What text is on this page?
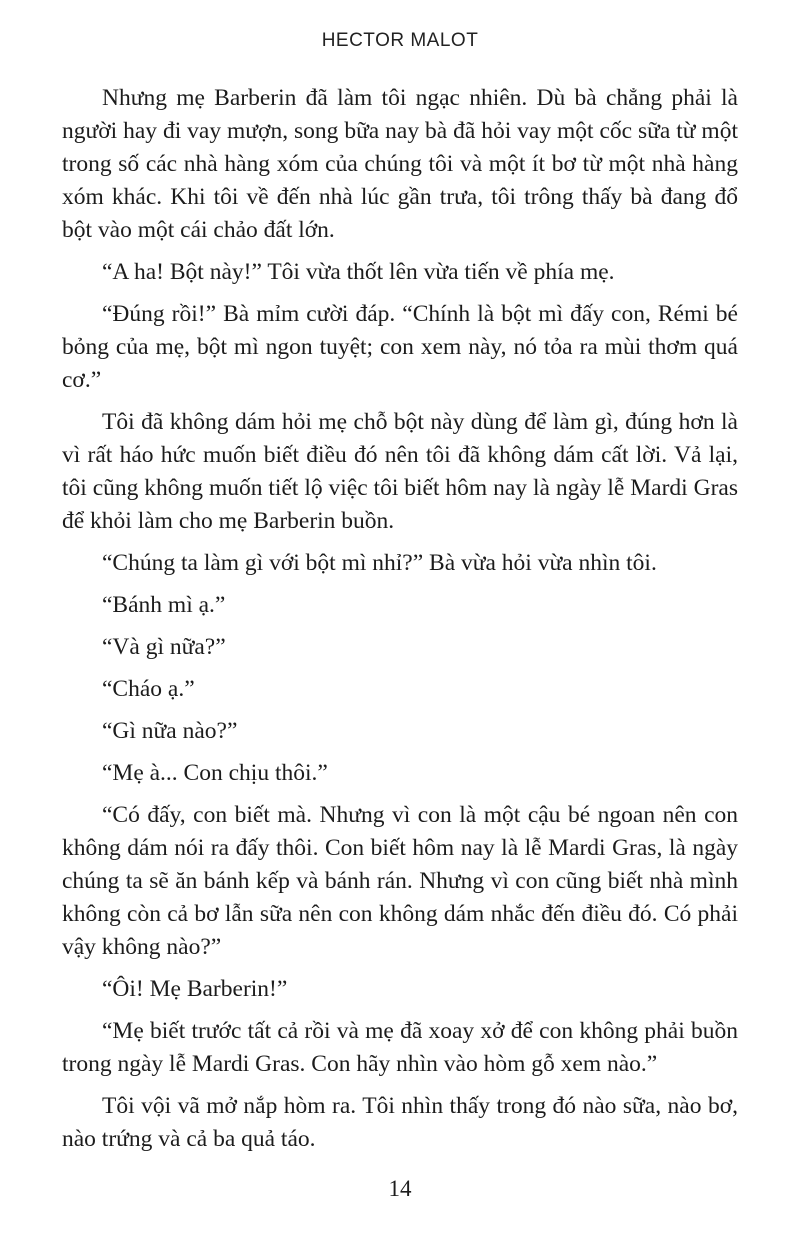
HECTOR MALOT

Nhưng mẹ Barberin đã làm tôi ngạc nhiên. Dù bà chẳng phải là người hay đi vay mượn, song bữa nay bà đã hỏi vay một cốc sữa từ một trong số các nhà hàng xóm của chúng tôi và một ít bơ từ một nhà hàng xóm khác. Khi tôi về đến nhà lúc gần trưa, tôi trông thấy bà đang đổ bột vào một cái chảo đất lớn.

“A ha! Bột này!” Tôi vừa thốt lên vừa tiến về phía mẹ.

“Đúng rồi!” Bà mỉm cười đáp. “Chính là bột mì đấy con, Rémi bé bỏng của mẹ, bột mì ngon tuyệt; con xem này, nó tỏa ra mùi thơm quá cơ.”

Tôi đã không dám hỏi mẹ chỗ bột này dùng để làm gì, đúng hơn là vì rất háo hức muốn biết điều đó nên tôi đã không dám cất lời. Vả lại, tôi cũng không muốn tiết lộ việc tôi biết hôm nay là ngày lễ Mardi Gras để khỏi làm cho mẹ Barberin buồn.

“Chúng ta làm gì với bột mì nhỉ?” Bà vừa hỏi vừa nhìn tôi.

“Bánh mì ạ.”

“Và gì nữa?”

“Cháo ạ.”

“Gì nữa nào?”

“Mẹ à... Con chịu thôi.”

“Có đấy, con biết mà. Nhưng vì con là một cậu bé ngoan nên con không dám nói ra đấy thôi. Con biết hôm nay là lễ Mardi Gras, là ngày chúng ta sẽ ăn bánh kếp và bánh rán. Nhưng vì con cũng biết nhà mình không còn cả bơ lẫn sữa nên con không dám nhắc đến điều đó. Có phải vậy không nào?”

“Ôi! Mẹ Barberin!”

“Mẹ biết trước tất cả rồi và mẹ đã xoay xở để con không phải buồn trong ngày lễ Mardi Gras. Con hãy nhìn vào hòm gỗ xem nào.”

Tôi vội vã mở nắp hòm ra. Tôi nhìn thấy trong đó nào sữa, nào bơ, nào trứng và cả ba quả táo.

14
